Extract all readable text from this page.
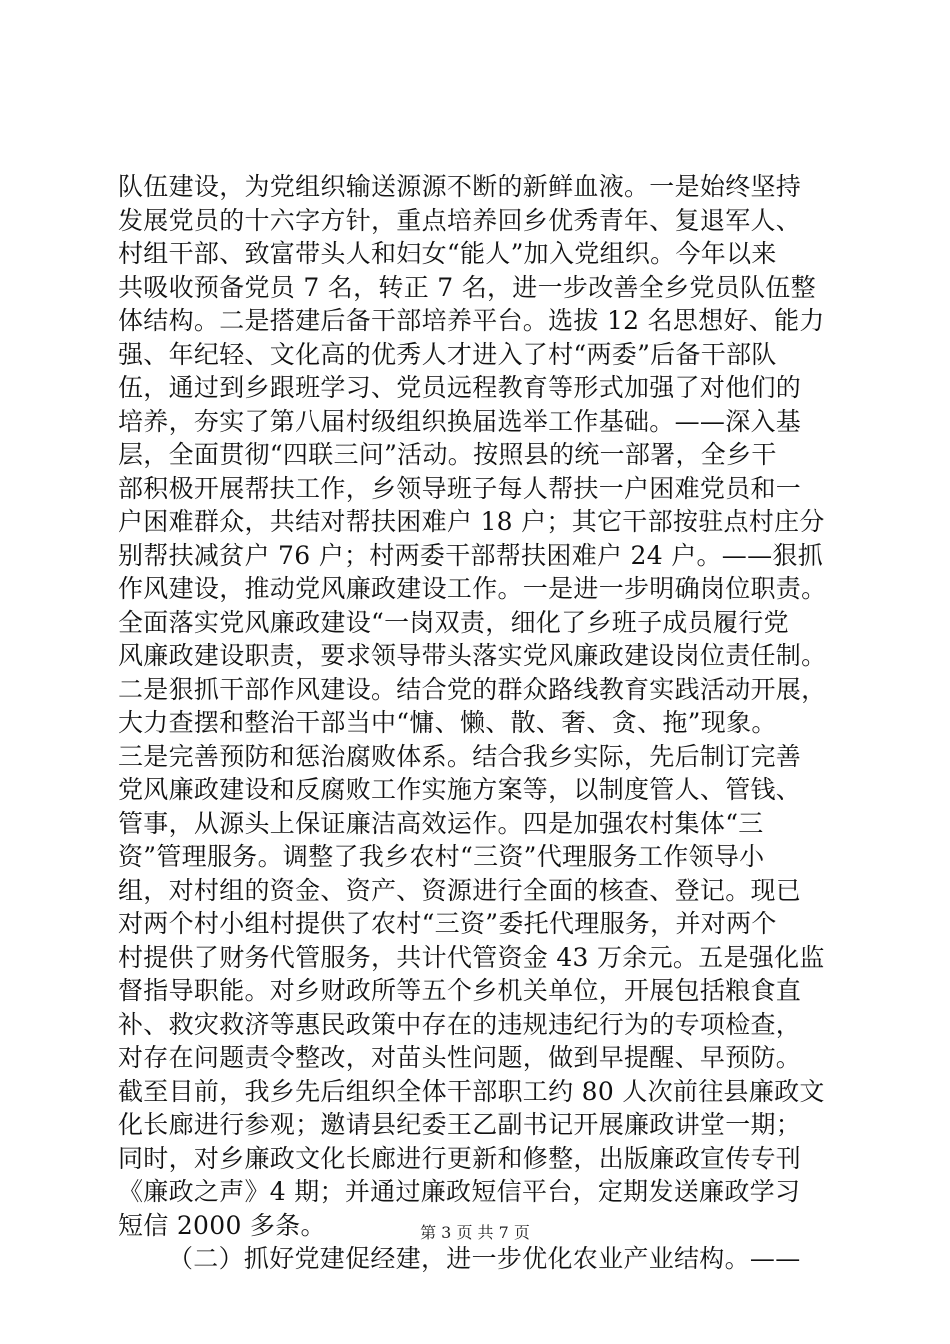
队伍建设，为党组织输送源源不断的新鲜血液。一是始终坚持
发展党员的十六字方针，重点培养回乡优秀青年、复退军人、
村组干部、致富带头人和妇女“能人”加入党组织。今年以来
共吸收预备党员 7 名，转正 7 名，进一步改善全乡党员队伍整
体结构。二是搭建后备干部培养平台。选拔 12 名思想好、能力
强、年纪轻、文化高的优秀人才进入了村“两委”后备干部队
伍，通过到乡跟班学习、党员远程教育等形式加强了对他们的
培养，夯实了第八届村级组织换届选举工作基础。——深入基
层，全面贯彻“四联三问”活动。按照县的统一部署，全乡干
部积极开展帮扶工作，乡领导班子每人帮扶一户困难党员和一
户困难群众，共结对帮扶困难户 18 户；其它干部按驻点村庄分
别帮扶减贫户 76 户；村两委干部帮扶困难户 24 户。——狠抓
作风建设，推动党风廉政建设工作。一是进一步明确岗位职责。
全面落实党风廉政建设“一岗双责，细化了乡班子成员履行党
风廉政建设职责，要求领导带头落实党风廉政建设岗位责任制。
二是狠抓干部作风建设。结合党的群众路线教育实践活动开展，
大力查摆和整治干部当中“慵、懒、散、奢、贪、拖”现象。
三是完善预防和惩治腐败体系。结合我乡实际，先后制订完善
党风廉政建设和反腐败工作实施方案等，以制度管人、管钱、
管事，从源头上保证廉洁高效运作。四是加强农村集体“三
资”管理服务。调整了我乡农村“三资”代理服务工作领导小
组，对村组的资金、资产、资源进行全面的核查、登记。现已
对两个村小组村提供了农村“三资”委托代理服务，并对两个
村提供了财务代管服务，共计代管资金 43 万余元。五是强化监
督指导职能。对乡财政所等五个乡机关单位，开展包括粮食直
补、救灾救济等惠民政策中存在的违规违纪行为的专项检查，
对存在问题责令整改，对苗头性问题，做到早提醒、早预防。
截至目前，我乡先后组织全体干部职工约 80 人次前往县廉政文
化长廊进行参观；邀请县纪委王乙副书记开展廉政讲堂一期；
同时，对乡廉政文化长廊进行更新和修整，出版廉政宣传专刊
《廉政之声》4 期；并通过廉政短信平台，定期发送廉政学习
短信 2000 多条。
（二）抓好党建促经建，进一步优化农业产业结构。——
第 3 页 共 7 页
